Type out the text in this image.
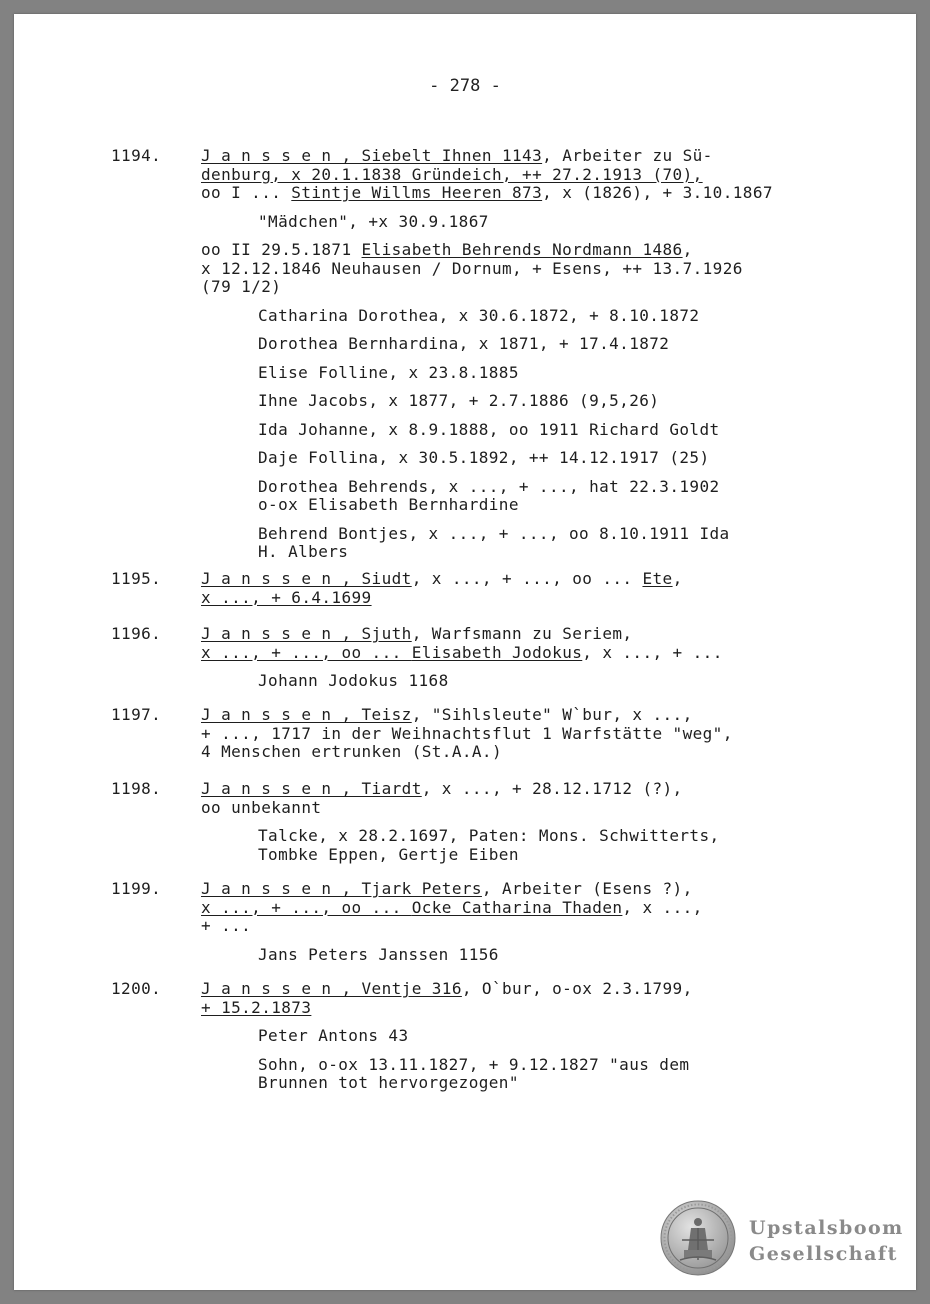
- 278 -
1194. J a n s s e n , Siebelt Ihnen 1143, Arbeiter zu Sü-
denburg, x 20.1.1838 Gründeich, ++ 27.2.1913 (70),
oo I ... Stintje Willms Heeren 873, x (1826), + 3.10.1867
"Mädchen", +x 30.9.1867
oo II 29.5.1871 Elisabeth Behrends Nordmann 1486,
x 12.12.1846 Neuhausen / Dornum, + Esens, ++ 13.7.1926
(79 1/2)
Catharina Dorothea, x 30.6.1872, + 8.10.1872
Dorothea Bernhardina, x 1871, + 17.4.1872
Elise Folline, x 23.8.1885
Ihne Jacobs, x 1877, + 2.7.1886 (9,5,26)
Ida Johanne, x 8.9.1888, oo 1911 Richard Goldt
Daje Follina, x 30.5.1892, ++ 14.12.1917 (25)
Dorothea Behrends, x ..., + ..., hat 22.3.1902
o-ox Elisabeth Bernhardine
Behrend Bontjes, x ..., + ..., oo 8.10.1911 Ida
H. Albers
1195. J a n s s e n , Siudt, x ..., + ..., oo ... Ete,
x ..., + 6.4.1699
1196. J a n s s e n , Sjuth, Warfsmann zu Seriem,
x ..., + ..., oo ... Elisabeth Jodokus, x ..., + ...
Johann Jodokus 1168
1197. J a n s s e n , Teisz, "Sihlsleute" W`bur, x ...,
+ ..., 1717 in der Weihnachtsflut 1 Warfstätte "weg",
4 Menschen ertrunken (St.A.A.)
1198. J a n s s e n , Tiardt, x ..., + 28.12.1712 (?),
oo unbekannt
Talcke, x 28.2.1697, Paten: Mons. Schwitterts,
Tombke Eppen, Gertje Eiben
1199. J a n s s e n , Tjark Peters, Arbeiter (Esens ?),
x ..., + ..., oo ... Ocke Catharina Thaden, x ...,
+ ...
Jans Peters Janssen 1156
1200. J a n s s e n , Ventje 316, O`bur, o-ox 2.3.1799,
+ 15.2.1873
Peter Antons 43
Sohn, o-ox 13.11.1827, + 9.12.1827 "aus dem
Brunnen tot hervorgezogen"
Upstalsboom
Gesellschaft
